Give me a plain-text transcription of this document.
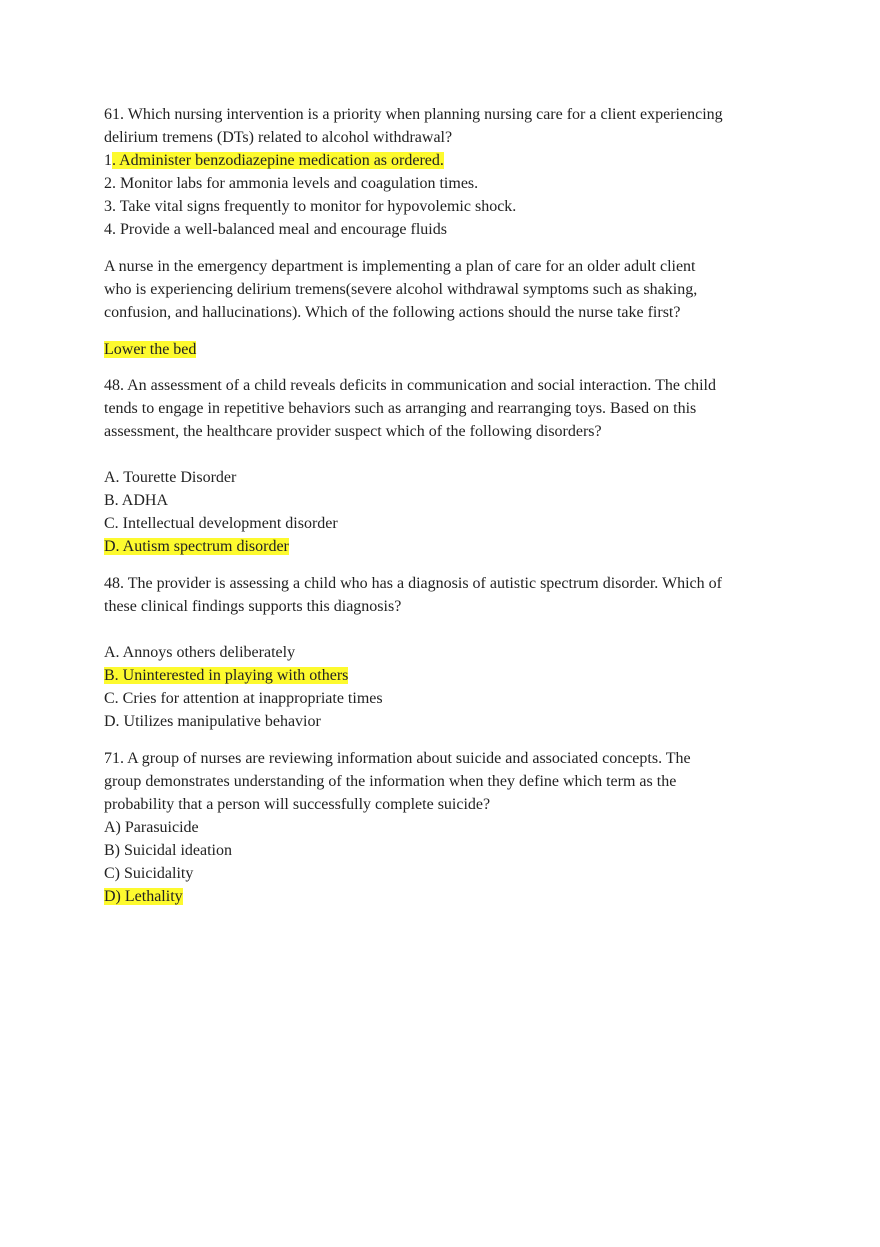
61. Which nursing intervention is a priority when planning nursing care for a client experiencing
delirium tremens (DTs) related to alcohol withdrawal?
1. Administer benzodiazepine medication as ordered.
2. Monitor labs for ammonia levels and coagulation times.
3. Take vital signs frequently to monitor for hypovolemic shock.
4. Provide a well-balanced meal and encourage fluids
A nurse in the emergency department is implementing a plan of care for an older adult client
who is experiencing delirium tremens(severe alcohol withdrawal symptoms such as shaking,
confusion, and hallucinations). Which of the following actions should the nurse take first?
Lower the bed
48. An assessment of a child reveals deficits in communication and social interaction. The child
tends to engage in repetitive behaviors such as arranging and rearranging toys. Based on this
assessment, the healthcare provider suspect which of the following disorders?
A. Tourette Disorder
B. ADHA
C. Intellectual development disorder
D. Autism spectrum disorder
48. The provider is assessing a child who has a diagnosis of autistic spectrum disorder. Which of
these clinical findings supports this diagnosis?
A. Annoys others deliberately
B. Uninterested in playing with others
C. Cries for attention at inappropriate times
D. Utilizes manipulative behavior
71. A group of nurses are reviewing information about suicide and associated concepts. The
group demonstrates understanding of the information when they define which term as the
probability that a person will successfully complete suicide?
A) Parasuicide
B) Suicidal ideation
C) Suicidality
D) Lethality
